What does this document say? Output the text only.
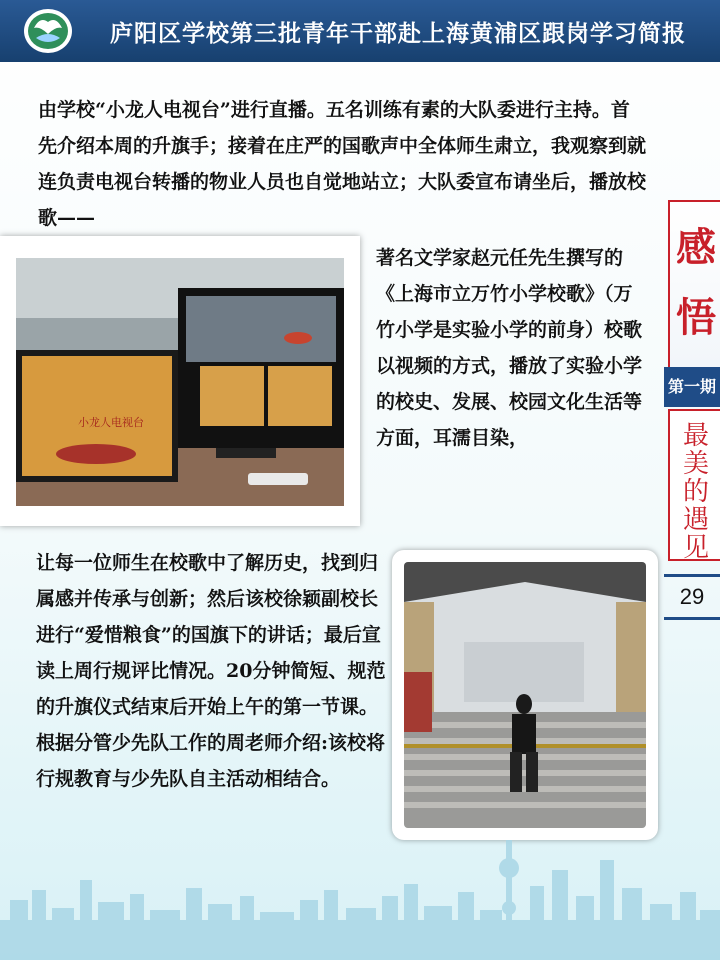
庐阳区学校第三批青年干部赴上海黄浦区跟岗学习简报
由学校“小龙人电视台”进行直播。五名训练有素的大队委进行主持。首先介绍本周的升旗手；接着在庄严的国歌声中全体师生肃立，我观察到就连负责电视台转播的物业人员也自觉地站立；大队委宣布请坐后，播放校歌——
小龙人电视台
著名文学家赵元任先生撰写的《上海市立万竹小学校歌》（万竹小学是实验小学的前身）校歌以视频的方式，播放了实验小学的校史、发展、校园文化生活等方面，耳濡目染，
让每一位师生在校歌中了解历史，找到归属感并传承与创新；然后该校徐颖副校长进行“爱惜粮食”的国旗下的讲话；最后宣读上周行规评比情况。20分钟简短、规范的升旗仪式结束后开始上午的第一节课。根据分管少先队工作的周老师介绍:该校将行规教育与少先队自主活动相结合。
感
悟
第一期
最
美
的
遇
见
29
